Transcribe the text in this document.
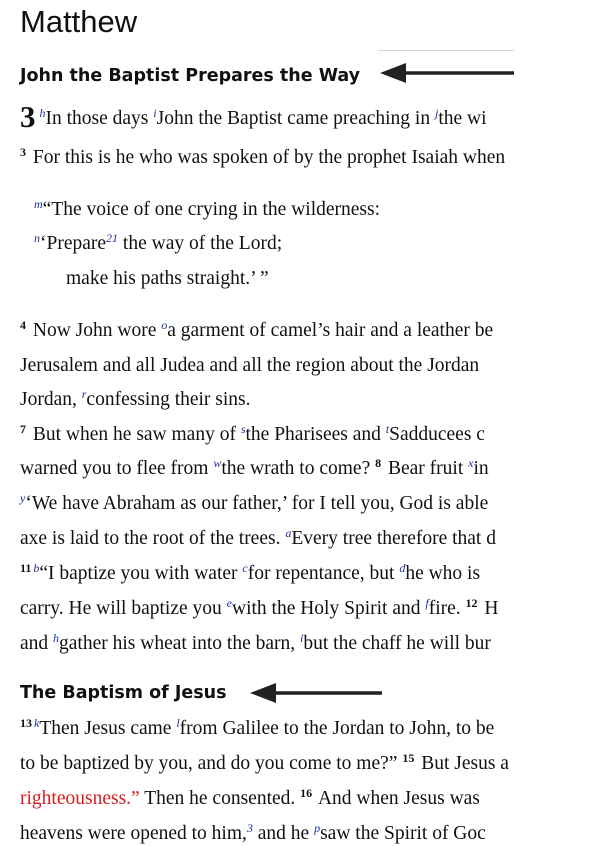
Matthew
John the Baptist Prepares the Way
3 $^h$In those days $^i$John the Baptist came preaching in $^j$the wi
$^3$ For this is he who was spoken of by the prophet Isaiah when
$^m$“The voice of one crying in the wilderness:
$^n$‘Prepare$^{21}$ the way of the Lord;
make his paths straight.’ ”
$^4$ Now John wore $^o$a garment of camel’s hair and a leather be
Jerusalem and all Judea and all the region about the Jordan
Jordan, $^r$confessing their sins.
$^7$ But when he saw many of $^s$the Pharisees and $^t$Sadducees c
warned you to flee from $^w$the wrath to come? $^8$ Bear fruit $^x$in
$^y$‘We have Abraham as our father,’ for I tell you, God is able
axe is laid to the root of the trees. $^a$Every tree therefore that d
$^{11}$ $^b$“I baptize you with water $^c$for repentance, but $^d$he who is
carry. He will baptize you $^e$with the Holy Spirit and $^f$fire. $^{12}$ H
and $^h$gather his wheat into the barn, $^i$but the chaff he will bur
The Baptism of Jesus
$^{13}$ $^k$Then Jesus came $^l$from Galilee to the Jordan to John, to be
to be baptized by you, and do you come to me?” $^{15}$ But Jesus a
righteousness.” Then he consented. $^{16}$ And when Jesus was
heavens were opened to him,$^3$ and he $^p$saw the Spirit of Goc
